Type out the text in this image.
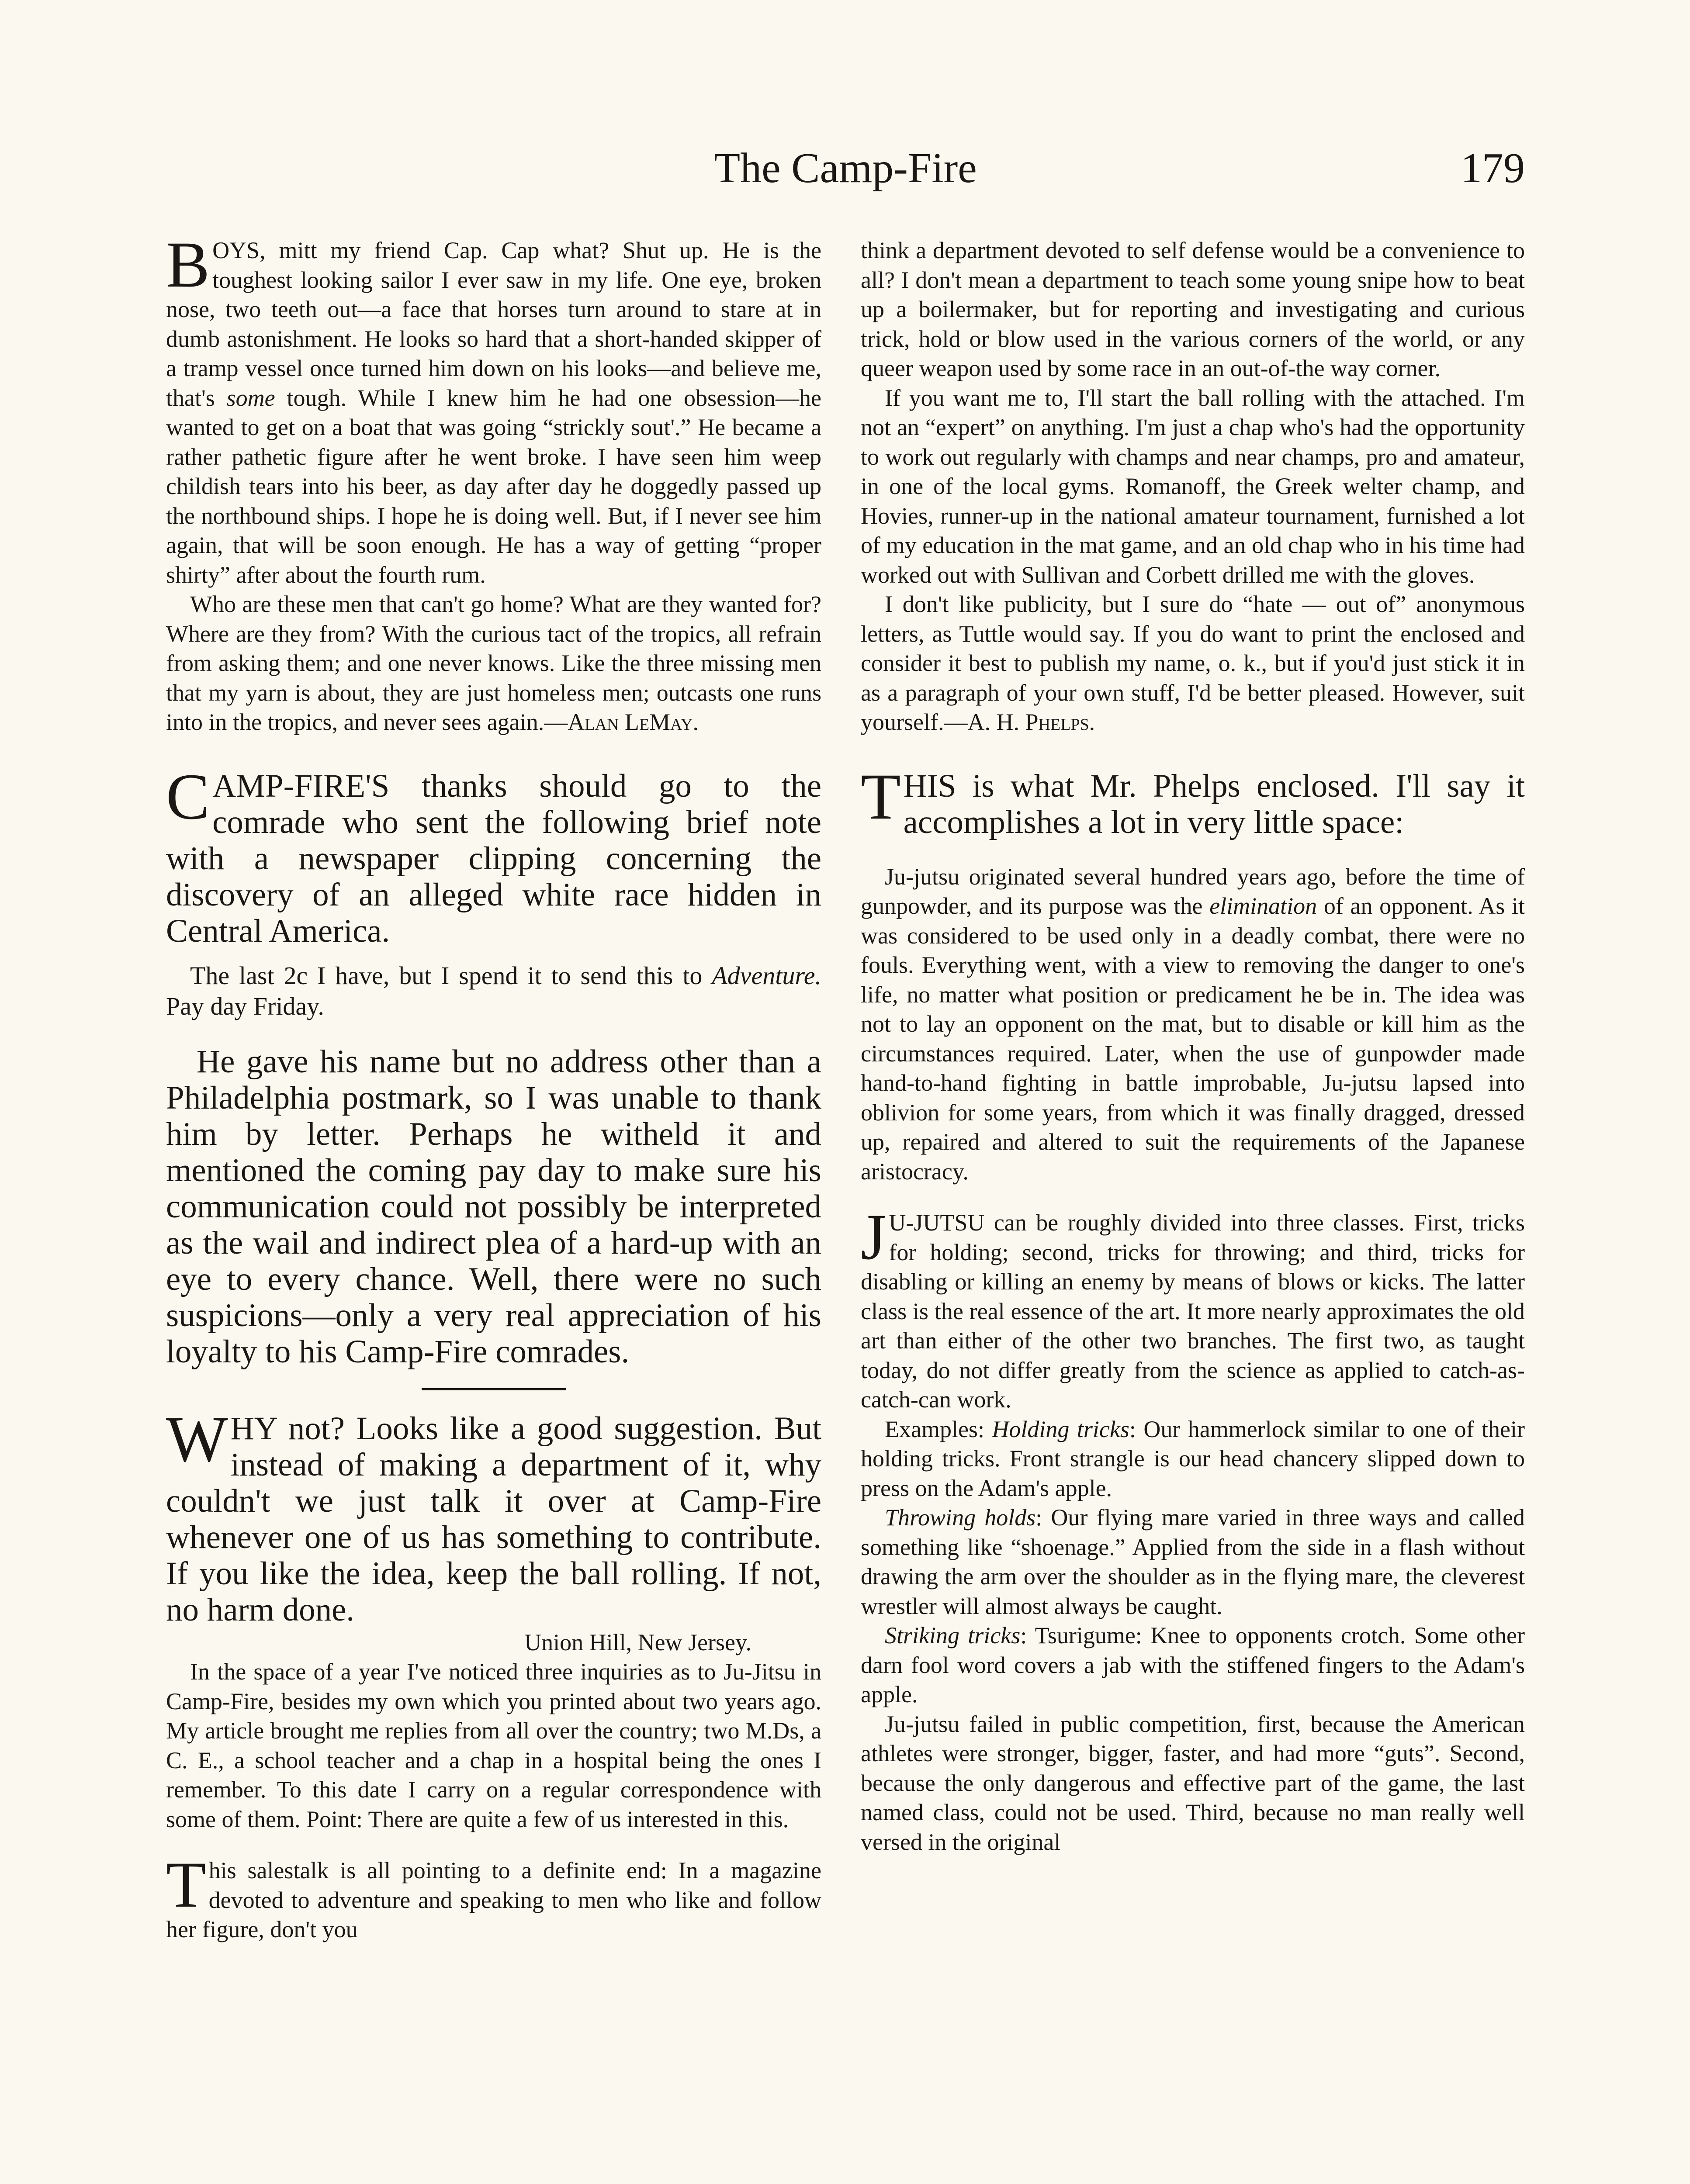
The Camp-Fire	179

BOYS, mitt my friend Cap. Cap what? Shut up. He is the toughest looking sailor I ever saw in my life. One eye, broken nose, two teeth out—a face that horses turn around to stare at in dumb astonishment. He looks so hard that a short-handed skipper of a tramp vessel once turned him down on his looks—and believe me, that's some tough. While I knew him he had one obsession—he wanted to get on a boat that was going “strickly sout'.” He became a rather pathetic figure after he went broke. I have seen him weep childish tears into his beer, as day after day he doggedly passed up the northbound ships. I hope he is doing well. But, if I never see him again, that will be soon enough. He has a way of getting “proper shirty” after about the fourth rum.

Who are these men that can't go home? What are they wanted for? Where are they from? With the curious tact of the tropics, all refrain from asking them; and one never knows. Like the three missing men that my yarn is about, they are just homeless men; outcasts one runs into in the tropics, and never sees again.—Alan LeMay.

CAMP-FIRE'S thanks should go to the comrade who sent the following brief note with a newspaper clipping concerning the discovery of an alleged white race hidden in Central America.

The last 2c I have, but I spend it to send this to Adventure. Pay day Friday.

He gave his name but no address other than a Philadelphia postmark, so I was unable to thank him by letter. Perhaps he witheld it and mentioned the coming pay day to make sure his communication could not possibly be interpreted as the wail and indirect plea of a hard-up with an eye to every chance. Well, there were no such suspicions—only a very real appreciation of his loyalty to his Camp-Fire comrades.

WHY not? Looks like a good suggestion. But instead of making a department of it, why couldn't we just talk it over at Camp-Fire whenever one of us has something to contribute. If you like the idea, keep the ball rolling. If not, no harm done.

Union Hill, New Jersey.

In the space of a year I've noticed three inquiries as to Ju-Jitsu in Camp-Fire, besides my own which you printed about two years ago. My article brought me replies from all over the country; two M.Ds, a C. E., a school teacher and a chap in a hospital being the ones I remember. To this date I carry on a regular correspondence with some of them. Point: There are quite a few of us interested in this.

This salestalk is all pointing to a definite end: In a magazine devoted to adventure and speaking to men who like and follow her figure, don't you

think a department devoted to self defense would be a convenience to all? I don't mean a department to teach some young snipe how to beat up a boilermaker, but for reporting and investigating and curious trick, hold or blow used in the various corners of the world, or any queer weapon used by some race in an out-of-the way corner.

If you want me to, I'll start the ball rolling with the attached. I'm not an “expert” on anything. I'm just a chap who's had the opportunity to work out regularly with champs and near champs, pro and amateur, in one of the local gyms. Romanoff, the Greek welter champ, and Hovies, runner-up in the national amateur tournament, furnished a lot of my education in the mat game, and an old chap who in his time had worked out with Sullivan and Corbett drilled me with the gloves.

I don't like publicity, but I sure do “hate — out of” anonymous letters, as Tuttle would say. If you do want to print the enclosed and consider it best to publish my name, o. k., but if you'd just stick it in as a paragraph of your own stuff, I'd be better pleased. However, suit yourself.—A. H. Phelps.

THIS is what Mr. Phelps enclosed. I'll say it accomplishes a lot in very little space:

Ju-jutsu originated several hundred years ago, before the time of gunpowder, and its purpose was the elimination of an opponent. As it was considered to be used only in a deadly combat, there were no fouls. Everything went, with a view to removing the danger to one's life, no matter what position or predicament he be in. The idea was not to lay an opponent on the mat, but to disable or kill him as the circumstances required. Later, when the use of gunpowder made hand-to-hand fighting in battle improbable, Ju-jutsu lapsed into oblivion for some years, from which it was finally dragged, dressed up, repaired and altered to suit the requirements of the Japanese aristocracy.

J U-JUTSU can be roughly divided into three classes. First, tricks for holding; second, tricks for throwing; and third, tricks for disabling or killing an enemy by means of blows or kicks. The latter class is the real essence of the art. It more nearly approximates the old art than either of the other two branches. The first two, as taught today, do not differ greatly from the science as applied to catch-as-catch-can work.

Examples: Holding tricks: Our hammerlock similar to one of their holding tricks. Front strangle is our head chancery slipped down to press on the Adam's apple.

Throwing holds: Our flying mare varied in three ways and called something like “shoenage.” Applied from the side in a flash without drawing the arm over the shoulder as in the flying mare, the cleverest wrestler will almost always be caught.

Striking tricks: Tsurigume: Knee to opponents crotch. Some other darn fool word covers a jab with the stiffened fingers to the Adam's apple.

Ju-jutsu failed in public competition, first, because the American athletes were stronger, bigger, faster, and had more “guts”. Second, because the only dangerous and effective part of the game, the last named class, could not be used. Third, because no man really well versed in the original
